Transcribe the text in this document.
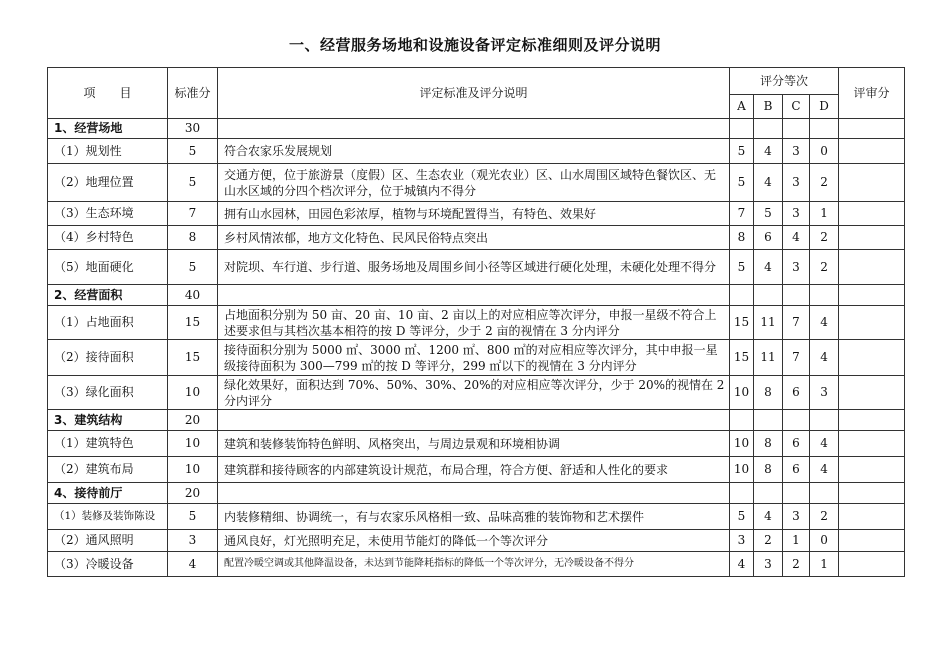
一、经营服务场地和设施设备评定标准细则及评分说明
项　　目	标准分	评定标准及评分说明	评分等次				评审分
			A	B	C	D	
1、经营场地	30						
（1）规划性	5	符合农家乐发展规划	5	4	3	0	
（2）地理位置	5	交通方便，位于旅游景（度假）区、生态农业（观光农业）区、山水周围区域特色餐饮区、无山水区域的分四个档次评分，位于城镇内不得分	5	4	3	2	
（3）生态环境	7	拥有山水园林，田园色彩浓厚，植物与环境配置得当，有特色、效果好	7	5	3	1	
（4）乡村特色	8	乡村风情浓郁，地方文化特色、民风民俗特点突出	8	6	4	2	
（5）地面硬化	5	对院坝、车行道、步行道、服务场地及周围乡间小径等区域进行硬化处理，未硬化处理不得分	5	4	3	2	
2、经营面积	40						
（1）占地面积	15	占地面积分别为 50 亩、20 亩、10 亩、2 亩以上的对应相应等次评分，申报一星级不符合上述要求但与其档次基本相符的按 D 等评分，少于 2 亩的视情在 3 分内评分	15	11	7	4	
（2）接待面积	15	接待面积分别为 5000 ㎡、3000 ㎡、1200 ㎡、800 ㎡的对应相应等次评分，其中申报一星级接待面积为 300—799 ㎡的按 D 等评分，299 ㎡以下的视情在 3 分内评分	15	11	7	4	
（3）绿化面积	10	绿化效果好，面积达到 70%、50%、30%、20%的对应相应等次评分，少于 20%的视情在 2 分内评分	10	8	6	3	
3、建筑结构	20						
（1）建筑特色	10	建筑和装修装饰特色鲜明、风格突出，与周边景观和环境相协调	10	8	6	4	
（2）建筑布局	10	建筑群和接待顾客的内部建筑设计规范，布局合理，符合方便、舒适和人性化的要求	10	8	6	4	
4、接待前厅	20						
（1）装修及装饰陈设	5	内装修精细、协调统一，有与农家乐风格相一致、品味高雅的装饰物和艺术摆件	5	4	3	2	
（2）通风照明	3	通风良好，灯光照明充足，未使用节能灯的降低一个等次评分	3	2	1	0	
（3）冷暖设备	4	配置冷暖空调或其他降温设备，未达到节能降耗指标的降低一个等次评分，无冷暖设备不得分	4	3	2	1	
